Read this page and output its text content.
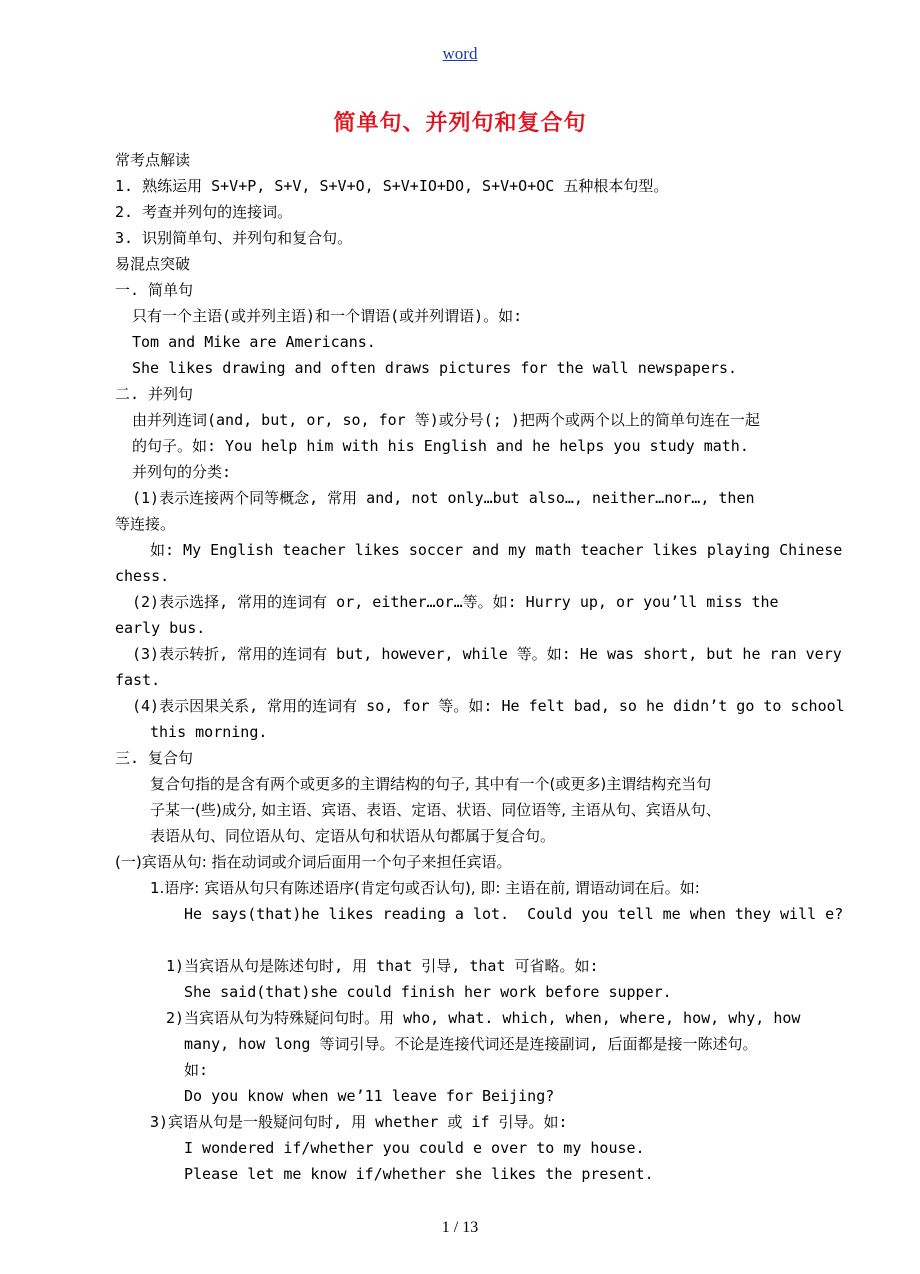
word
简单句、并列句和复合句
常考点解读
1. 熟练运用 S+V+P, S+V, S+V+O, S+V+IO+DO, S+V+O+OC 五种根本句型。
2. 考查并列句的连接词。
3. 识别简单句、并列句和复合句。
易混点突破
一. 简单句
只有一个主语(或并列主语)和一个谓语(或并列谓语)。如:
Tom and Mike are Americans.
She likes drawing and often draws pictures for the wall newspapers.
二. 并列句
由并列连词(and, but, or, so, for 等)或分号(; )把两个或两个以上的简单句连在一起
的句子。如: You help him with his English and he helps you study math.
并列句的分类:
(1)表示连接两个同等概念, 常用 and, not only…but also…, neither…nor…, then
等连接。
如: My English teacher likes soccer and my math teacher likes playing Chinese
chess.
(2)表示选择, 常用的连词有 or, either…or…等。如: Hurry up, or you’ll miss the
early bus.
(3)表示转折, 常用的连词有 but, however, while 等。如: He was short, but he ran very
fast.
(4)表示因果关系, 常用的连词有 so, for 等。如: He felt bad, so he didn’t go to school
this morning.
三. 复合句
复合句指的是含有两个或更多的主谓结构的句子, 其中有一个(或更多)主谓结构充当句
子某一(些)成分, 如主语、宾语、表语、定语、状语、同位语等, 主语从句、宾语从句、
表语从句、同位语从句、定语从句和状语从句都属于复合句。
(一)宾语从句: 指在动词或介词后面用一个句子来担任宾语。
1.语序: 宾语从句只有陈述语序(肯定句或否认句), 即: 主语在前, 谓语动词在后。如:
He says(that)he likes reading a lot.  Could you tell me when they will e?
1)当宾语从句是陈述句时, 用 that 引导, that 可省略。如:
She said(that)she could finish her work before supper.
2)当宾语从句为特殊疑问句时。用 who, what. which, when, where, how, why, how
many, how long 等词引导。不论是连接代词还是连接副词, 后面都是接一陈述句。
如:
Do you know when we’11 leave for Beijing?
3)宾语从句是一般疑问句时, 用 whether 或 if 引导。如:
I wondered if/whether you could e over to my house.
Please let me know if/whether she likes the present.
1 / 13
